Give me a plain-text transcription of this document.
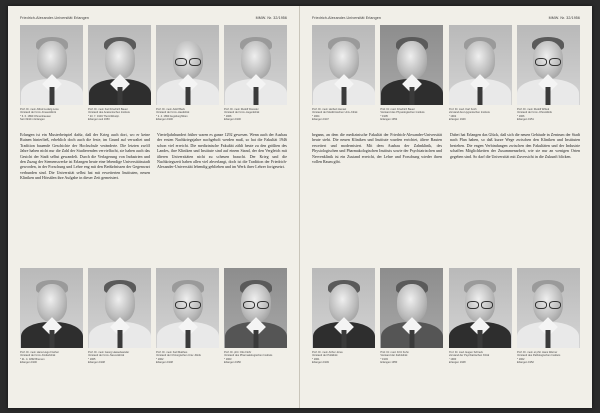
Friedrich-Alexander-Universität Erlangen	MMW. Nr. 32/1956
Prof. Dr. med. Alfred Ludwig Loos
Vorstand der Univ.-Frauenklinik
* 6. 6. 1890 Ohmenhausen
Seit 1944 in Erlangen
Prof. Dr. med. Karl Friedrich Bauer
Vorstand des Anatomischen Instituts
* 23. 7. 1904 Thorn/Westpr.
Erlangen seit 1950
Prof. Dr. med. Adolf Beck
Vorstand der Univ.-Hautklinik
* 2. 4. 1893 Augsburg/Wien
Erlangen 1946
Prof. Dr. med. Rudolf Dressler
Vorstand der Univ.-Augenklinik
* 1906
Erlangen 1946
Erlangen ist ein Musterbeispiel dafür, daß der Krieg auch dort, wo er keine Ruinen hinterließ, erheblich doch auch die feste, im Grund auf verwaltet und Tradition bauende Geschichte der Hochschule veränderte. Die letzten zwölf Jahre haben nicht nur die Zahl der Studierenden vervielfacht, sie haben auch das Gesicht der Stadt selbst gewandelt. Durch die Verlagerung von Industrien und den Zuzug der Siemenswerke ist Erlangen heute eine lebendige Universitätsstadt geworden, in der Forschung und Lehre eng mit den Bedürfnissen der Gegenwart verbunden sind. Die Universität selbst hat mit erweiterten Instituten, neuen Kliniken und Hörsälen ihre Aufgabe in dieser Zeit gemeistert.
Vierteljahrhundert früher waren es ganze 1292 gewesen. Wenn auch der Ausbau der ersten Nachkriegsjahre nachgeholt werden muß, so hat die Fakultät 1946 schon viel erreicht. Die medizinische Fakultät zählt heute zu den größten des Landes, ihre Kliniken und Institute sind auf einem Stand, der den Vergleich mit älteren Universitäten nicht zu scheuen braucht. Der Krieg und die Nachkriegszeit haben allen viel abverlangt, doch ist die Tradition der Friedrich-Alexander-Universität lebendig geblieben und im Werk ihrer Lehrer fortgesetzt.
Prof. Dr. med. Hans Hugo Fischer
Vorstand der Univ.-Kinderklinik
* 21. 4. 1892 Bremen
Erlangen 1946
Prof. Dr. med. Georg Hasselwander
Vorstand der Univ.-Nervenklinik
* 1905
Erlangen 1948
Prof. Dr. med. Karl Matthes
Vorstand der Chirurgischen Univ.-Klinik
* 1902
Erlangen 1948
Prof. Dr. phil. Otto Flohr
Vorstand des Pharmakologischen Instituts
* 1903
Erlangen 1950
Friedrich-Alexander-Universität Erlangen	MMW. Nr. 32/1956
Prof. Dr. med. Herbert Hensel
Vorstand der Medizinischen Univ.-Klinik
* 1904
Erlangen 1947
Prof. Dr. med. Friedrich Bauer
Vorstand des Physiologischen Instituts
* 1905
Erlangen 1952
Prof. Dr. med. Karl Koch
Vorstand des Hygienischen Instituts
* 1902
Erlangen 1949
Prof. Dr. med. Rudolf Wittek
Vorstand der Univ.-Ohrenklinik
* 1906
Erlangen 1951
begann, an dem die medizinische Fakultät der Friedrich-Alexander-Universität heute steht. Die neuen Kliniken und Institute wurden errichtet, ältere Bauten erweitert und modernisiert. Mit dem Ausbau der Zahnklinik, des Physiologischen und Pharmakologischen Instituts sowie der Psychiatrischen und Nervenklinik ist ein Zustand erreicht, der Lehre und Forschung wieder ihren vollen Raum gibt.
Dabei hat Erlangen das Glück, daß sich die neuen Gebäude in Zentrum der Stadt nach Plan haben, so daß kurze Wege zwischen den Kliniken und Instituten bestehen. Die engen Verbindungen zwischen den Fakultäten und der Industrie schaffen Möglichkeiten der Zusammenarbeit, wie sie nur an wenigen Orten gegeben sind. So darf die Universität mit Zuversicht in die Zukunft blicken.
Prof. Dr. med. Arthur Jores
Vorstand der Poliklinik
* 1901
Erlangen 1949
Prof. Dr. med. Fritz Kuhn
Vorstand der Zahnklinik
* 1903
Erlangen 1950
Prof. Dr. med. Eugen Schreck
Vorstand der Psychiatrischen Klinik
* 1900
Erlangen 1948
Prof. Dr. med. et phil. Hans Werner
Vorstand des Pathologischen Instituts
* 1902
Erlangen 1952
